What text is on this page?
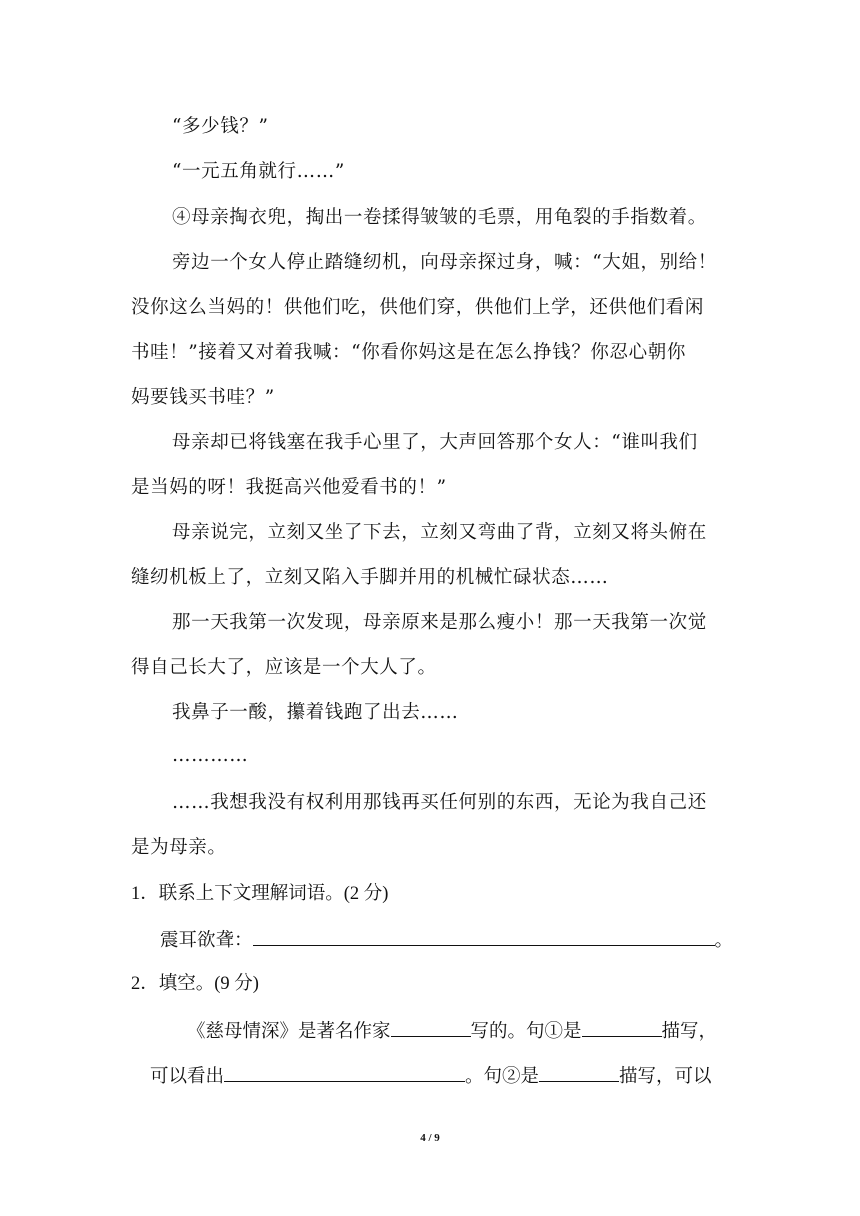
“多少钱？”
“一元五角就行……”
④母亲掏衣兜，掏出一卷揉得皱皱的毛票，用龟裂的手指数着。
旁边一个女人停止踏缝纫机，向母亲探过身，喊：“大姐，别给！
没你这么当妈的！供他们吃，供他们穿，供他们上学，还供他们看闲
书哇！”接着又对着我喊：“你看你妈这是在怎么挣钱？你忍心朝你
妈要钱买书哇？”
母亲却已将钱塞在我手心里了，大声回答那个女人：“谁叫我们
是当妈的呀！我挺高兴他爱看书的！”
母亲说完，立刻又坐了下去，立刻又弯曲了背，立刻又将头俯在
缝纫机板上了，立刻又陷入手脚并用的机械忙碌状态……
那一天我第一次发现，母亲原来是那么瘦小！那一天我第一次觉
得自己长大了，应该是一个大人了。
我鼻子一酸，攥着钱跑了出去……
…………
……我想我没有权利用那钱再买任何别的东西，无论为我自己还
是为母亲。
1．联系上下文理解词语。(2 分)
震耳欲聋：	。
2．填空。(9 分)
《慈母情深》是著名作家	写的。句①是	描写，
可以看出	。句②是	描写，可以
4 / 9
